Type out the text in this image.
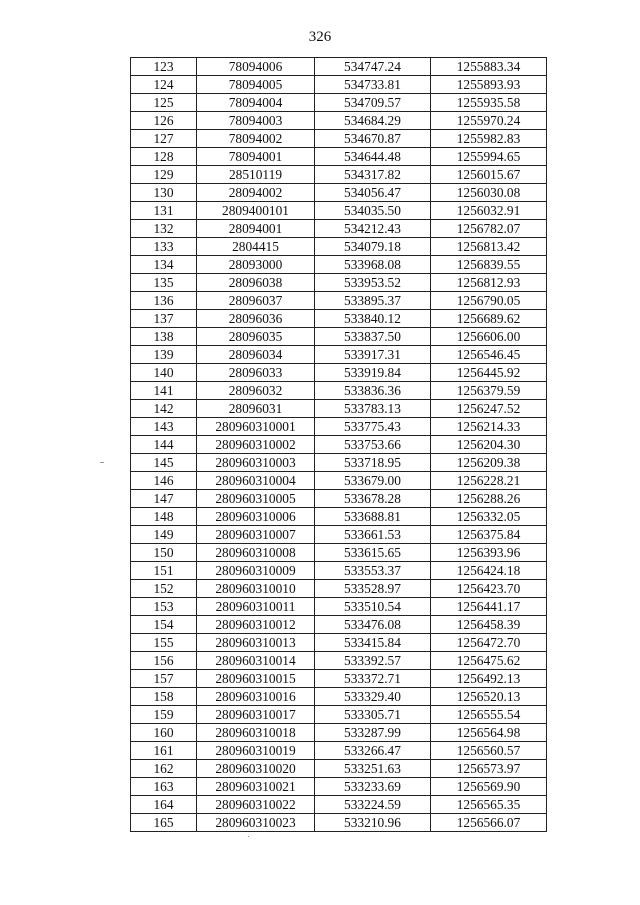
326
123	78094006	534747.24	1255883.34
124	78094005	534733.81	1255893.93
125	78094004	534709.57	1255935.58
126	78094003	534684.29	1255970.24
127	78094002	534670.87	1255982.83
128	78094001	534644.48	1255994.65
129	28510119	534317.82	1256015.67
130	28094002	534056.47	1256030.08
131	2809400101	534035.50	1256032.91
132	28094001	534212.43	1256782.07
133	2804415	534079.18	1256813.42
134	28093000	533968.08	1256839.55
135	28096038	533953.52	1256812.93
136	28096037	533895.37	1256790.05
137	28096036	533840.12	1256689.62
138	28096035	533837.50	1256606.00
139	28096034	533917.31	1256546.45
140	28096033	533919.84	1256445.92
141	28096032	533836.36	1256379.59
142	28096031	533783.13	1256247.52
143	280960310001	533775.43	1256214.33
144	280960310002	533753.66	1256204.30
145	280960310003	533718.95	1256209.38
146	280960310004	533679.00	1256228.21
147	280960310005	533678.28	1256288.26
148	280960310006	533688.81	1256332.05
149	280960310007	533661.53	1256375.84
150	280960310008	533615.65	1256393.96
151	280960310009	533553.37	1256424.18
152	280960310010	533528.97	1256423.70
153	280960310011	533510.54	1256441.17
154	280960310012	533476.08	1256458.39
155	280960310013	533415.84	1256472.70
156	280960310014	533392.57	1256475.62
157	280960310015	533372.71	1256492.13
158	280960310016	533329.40	1256520.13
159	280960310017	533305.71	1256555.54
160	280960310018	533287.99	1256564.98
161	280960310019	533266.47	1256560.57
162	280960310020	533251.63	1256573.97
163	280960310021	533233.69	1256569.90
164	280960310022	533224.59	1256565.35
165	280960310023	533210.96	1256566.07
